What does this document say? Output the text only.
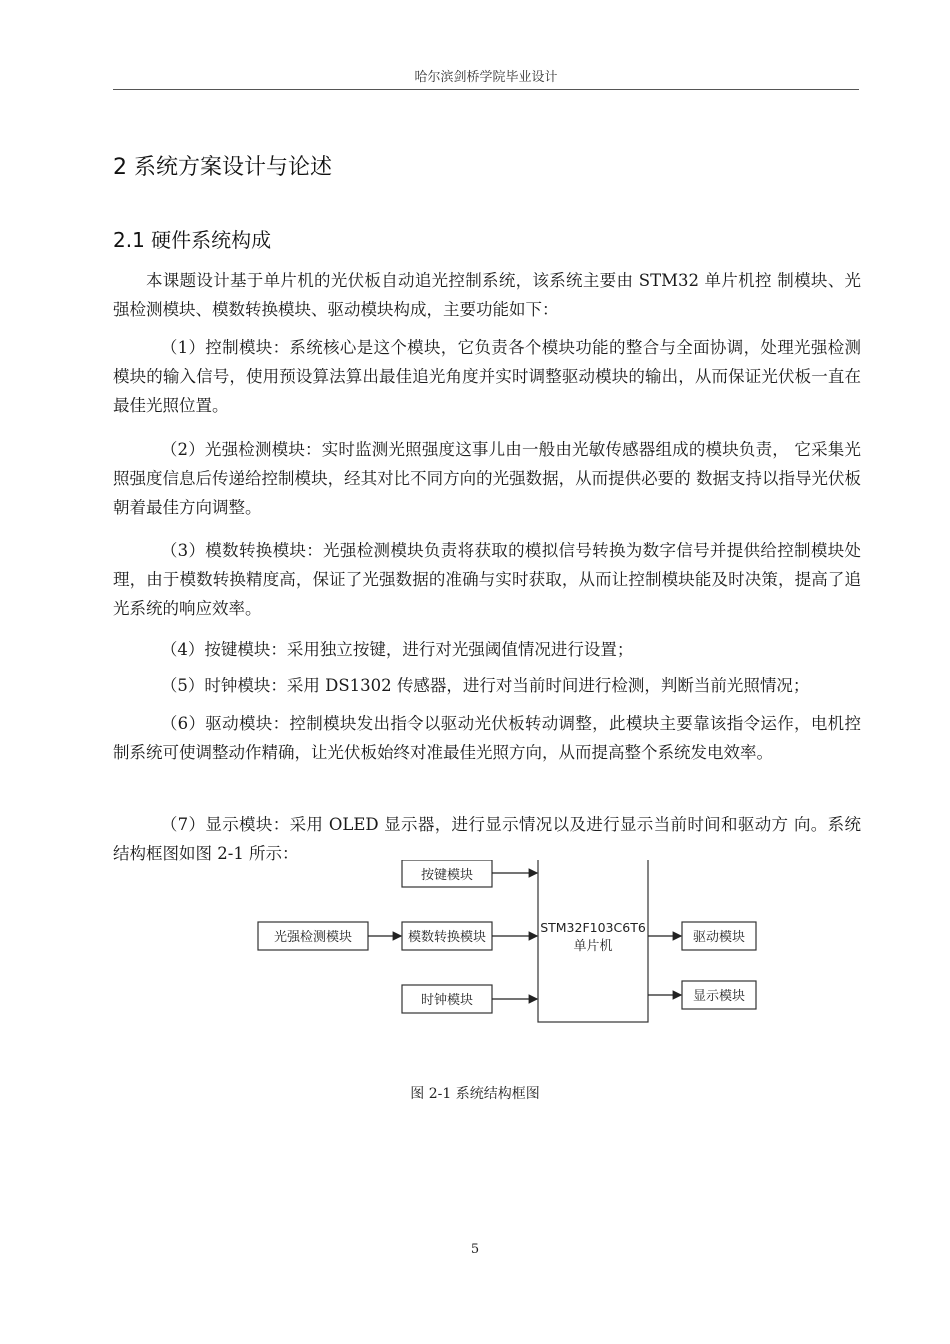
哈尔滨剑桥学院毕业设计
2 系统方案设计与论述
2.1 硬件系统构成

本课题设计基于单片机的光伏板自动追光控制系统，该系统主要由 STM32 单片机控 制模块、光强检测模块、模数转换模块、驱动模块构成，主要功能如下：

（1）控制模块：系统核心是这个模块，它负责各个模块功能的整合与全面协调，处理光强检测模块的输入信号，使用预设算法算出最佳追光角度并实时调整驱动模块的输出，从而保证光伏板一直在最佳光照位置。

（2）光强检测模块：实时监测光照强度这事儿由一般由光敏传感器组成的模块负责， 它采集光照强度信息后传递给控制模块，经其对比不同方向的光强数据，从而提供必要的 数据支持以指导光伏板朝着最佳方向调整。

（3）模数转换模块：光强检测模块负责将获取的模拟信号转换为数字信号并提供给控制模块处理，由于模数转换精度高，保证了光强数据的准确与实时获取，从而让控制模块能及时决策，提高了追光系统的响应效率。

（4）按键模块：采用独立按键，进行对光强阈值情况进行设置；

（5）时钟模块：采用 DS1302 传感器，进行对当前时间进行检测，判断当前光照情况；

（6）驱动模块：控制模块发出指令以驱动光伏板转动调整，此模块主要靠该指令运作，电机控制系统可使调整动作精确，让光伏板始终对准最佳光照方向，从而提高整个系统发电效率。

（7）显示模块：采用 OLED 显示器，进行显示情况以及进行显示当前时间和驱动方 向。系统结构框图如图 2-1 所示：

按键模块
光强检测模块	模数转换模块
时钟模块
STM32F103C6T6
单片机
驱动模块
显示模块
图 2-1 系统结构框图
5
